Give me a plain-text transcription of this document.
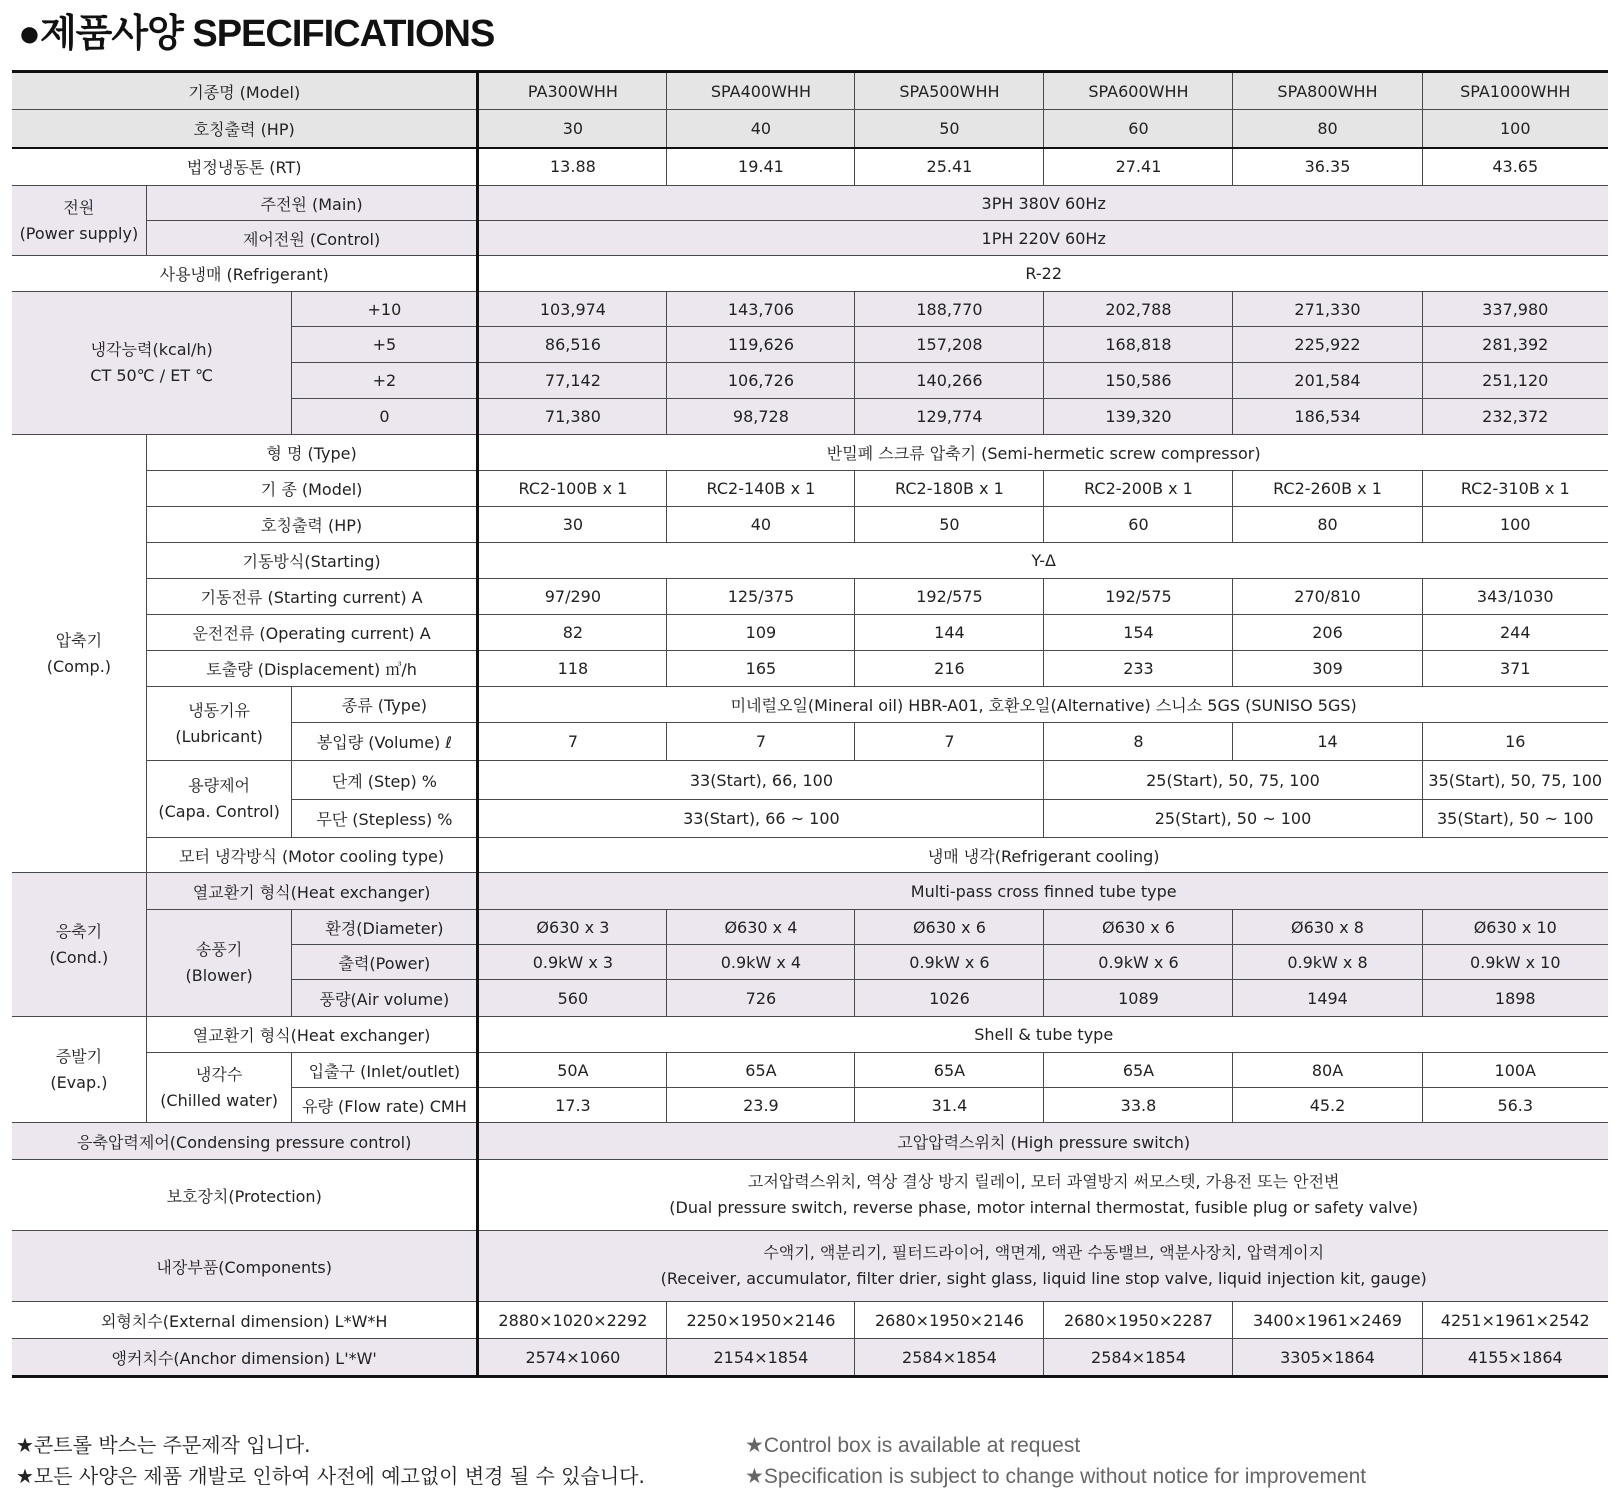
●제품사양 SPECIFICATIONS
기종명 (Model)			PA300WHH	SPA400WHH	SPA500WHH	SPA600WHH	SPA800WHH	SPA1000WHH
호칭출력 (HP)			30	40	50	60	80	100
법정냉동톤 (RT)			13.88	19.41	25.41	27.41	36.35	43.65

전원
(Power supply)	주전원 (Main)		3PH 380V 60Hz					
	제어전원 (Control)		1PH 220V 60Hz					
사용냉매 (Refrigerant)			R-22					

냉각능력(kcal/h)
CT 50℃ / ET ℃		+10	103,974	143,706	188,770	202,788	271,330	337,980
		+5	86,516	119,626	157,208	168,818	225,922	281,392
		+2	77,142	106,726	140,266	150,586	201,584	251,120
		0	71,380	98,728	129,774	139,320	186,534	232,372

압축기
(Comp.)	형 명 (Type)		반밀폐 스크류 압축기 (Semi-hermetic screw compressor)					
	기 종 (Model)		RC2-100B x 1	RC2-140B x 1	RC2-180B x 1	RC2-200B x 1	RC2-260B x 1	RC2-310B x 1
	호칭출력 (HP)		30	40	50	60	80	100
	기동방식(Starting)		Y-Δ					
	기동전류 (Starting current) A		97/290	125/375	192/575	192/575	270/810	343/1030
	운전전류 (Operating current) A		82	109	144	154	206	244
	토출량 (Displacement) ㎥/h		118	165	216	233	309	371

	냉동기유
(Lubricant)	종류 (Type)	미네럴오일(Mineral oil) HBR-A01, 호환오일(Alternative) 스니소 5GS (SUNISO 5GS)					
		봉입량 (Volume) ℓ	7	7	7	8	14	16

	용량제어
(Capa. Control)	단계 (Step) %	33(Start), 66, 100			25(Start), 50, 75, 100		35(Start), 50, 75, 100
		무단 (Stepless) %	33(Start), 66 ~ 100			25(Start), 50 ~ 100		35(Start), 50 ~ 100
	모터 냉각방식 (Motor cooling type)		냉매 냉각(Refrigerant cooling)					

응축기
(Cond.)	열교환기 형식(Heat exchanger)		Multi-pass cross finned tube type					

	송풍기
(Blower)	환경(Diameter)	Ø630 x 3	Ø630 x 4	Ø630 x 6	Ø630 x 6	Ø630 x 8	Ø630 x 10
		출력(Power)	0.9kW x 3	0.9kW x 4	0.9kW x 6	0.9kW x 6	0.9kW x 8	0.9kW x 10
		풍량(Air volume)	560	726	1026	1089	1494	1898

증발기
(Evap.)	열교환기 형식(Heat exchanger)		Shell & tube type					

	냉각수
(Chilled water)	입출구 (Inlet/outlet)	50A	65A	65A	65A	80A	100A
		유량 (Flow rate) CMH	17.3	23.9	31.4	33.8	45.2	56.3
응축압력제어(Condensing pressure control)			고압압력스위치 (High pressure switch)					
보호장치(Protection)			고저압력스위치, 역상 결상 방지 릴레이, 모터 과열방지 써모스텟, 가용전 또는 안전변
(Dual pressure switch, reverse phase, motor internal thermostat, fusible plug or safety valve)					

내장부품(Components)			수액기, 액분리기, 필터드라이어, 액면계, 액관 수동밸브, 액분사장치, 압력계이지
(Receiver, accumulator, filter drier, sight glass, liquid line stop valve, liquid injection kit, gauge)					

외형치수(External dimension) L*W*H			2880×1020×2292	2250×1950×2146	2680×1950×2146	2680×1950×2287	3400×1961×2469	4251×1961×2542
앵커치수(Anchor dimension) L'*W'			2574×1060	2154×1854	2584×1854	2584×1854	3305×1864	4155×1864
★콘트롤 박스는 주문제작 입니다.
★모든 사양은 제품 개발로 인하여 사전에 예고없이 변경 될 수 있습니다.
★Control box is available at request
★Specification is subject to change without notice for improvement
